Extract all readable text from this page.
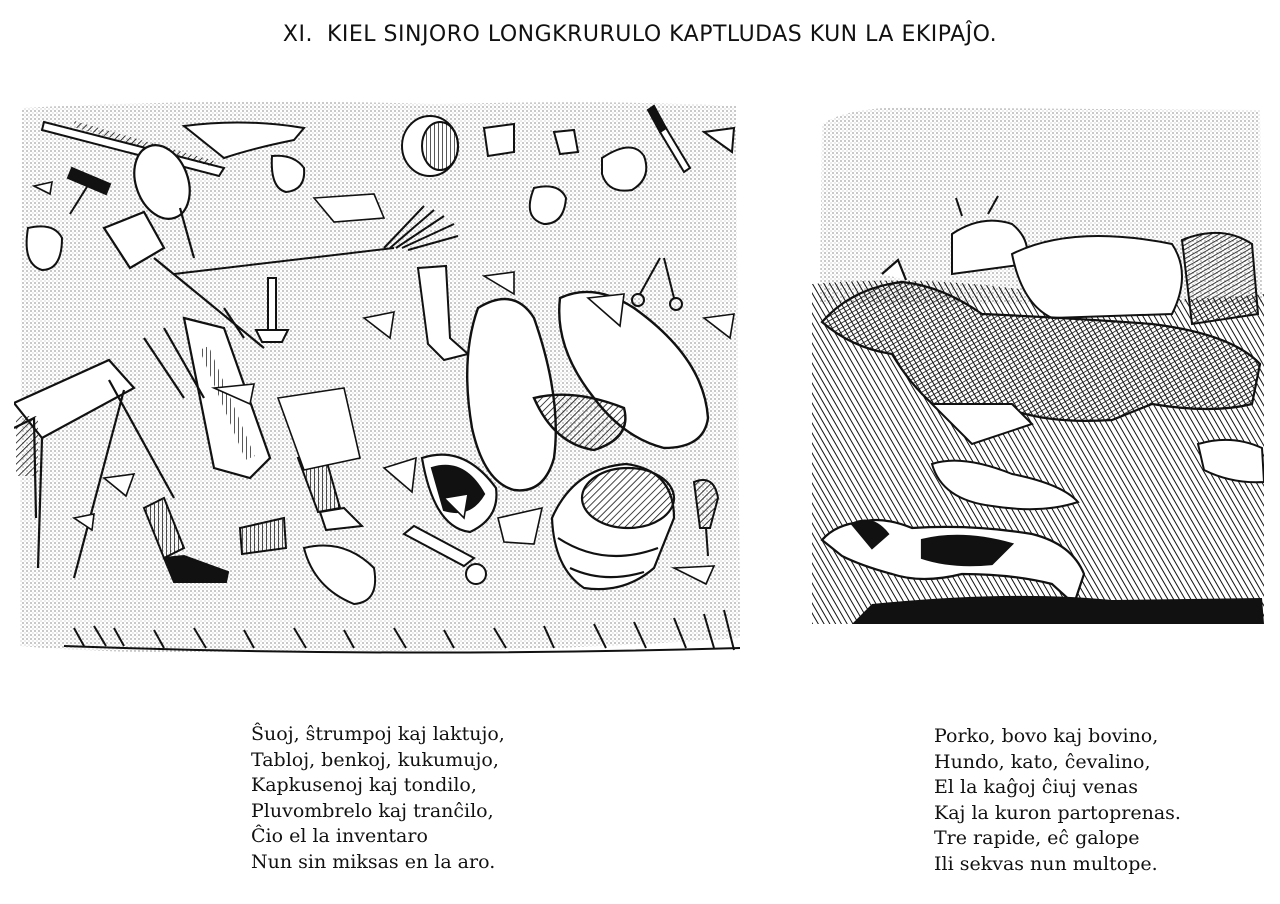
XI. KIEL SINJORO LONGKRURULO KAPTLUDAS KUN LA EKIPAĴO.
Ŝuoj, ŝtrumpoj kaj laktujo,
Tabloj, benkoj, kukumujo,
Kapkusenoj kaj tondilo,
Pluvombrelo kaj tranĉilo,
Ĉio el la inventaro
Nun sin miksas en la aro.
Porko, bovo kaj bovino,
Hundo, kato, ĉevalino,
El la kaĝoj ĉiuj venas
Kaj la kuron partoprenas.
Tre rapide, eĉ galope
Ili sekvas nun multope.
